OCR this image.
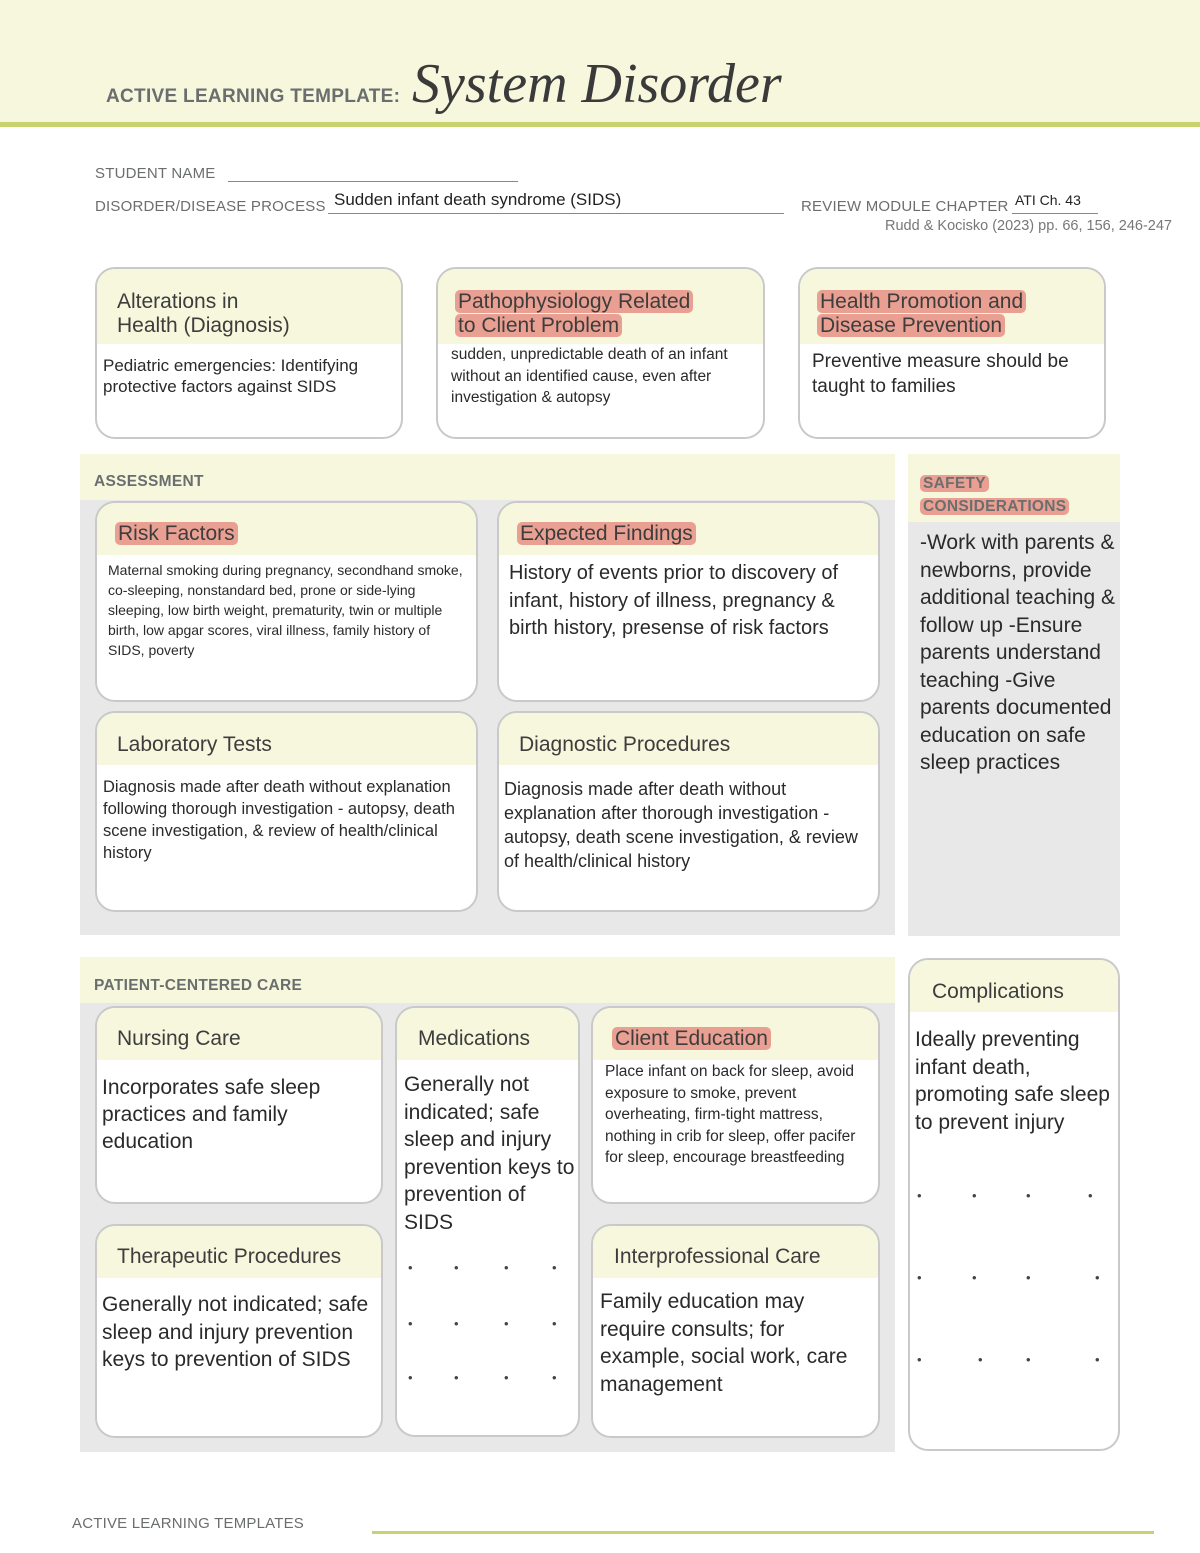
ACTIVE LEARNING TEMPLATE: System Disorder
STUDENT NAME
DISORDER/DISEASE PROCESS Sudden infant death syndrome (SIDS)	REVIEW MODULE CHAPTER ATI Ch. 43
Rudd & Kocisko (2023) pp. 66, 156, 246-247
Alterations in
Health (Diagnosis)
Pediatric emergencies: Identifying protective factors against SIDS
Pathophysiology Related
to Client Problem
sudden, unpredictable death of an infant without an identified cause, even after investigation & autopsy
Health Promotion and
Disease Prevention
Preventive measure should be taught to families
ASSESSMENT
Risk Factors
Maternal smoking during pregnancy, secondhand smoke, co-sleeping, nonstandard bed, prone or side-lying sleeping, low birth weight, prematurity, twin or multiple birth, low apgar scores, viral illness, family history of SIDS, poverty
Expected Findings
History of events prior to discovery of infant, history of illness, pregnancy & birth history, presense of risk factors
Laboratory Tests
Diagnosis made after death without explanation following thorough investigation - autopsy, death scene investigation, & review of health/clinical history
Diagnostic Procedures
Diagnosis made after death without explanation after thorough investigation - autopsy, death scene investigation, & review of health/clinical history
SAFETY
CONSIDERATIONS
-Work with parents & newborns, provide additional teaching & follow up -Ensure parents understand teaching -Give parents documented education on safe sleep practices
PATIENT-CENTERED CARE
Nursing Care
Incorporates safe sleep practices and family education
Medications
Generally not indicated; safe sleep and injury prevention keys to prevention of SIDS
•	•	•	•
•	•	•	•
•	•	•	•
Client Education
Place infant on back for sleep, avoid exposure to smoke, prevent overheating, firm-tight mattress, nothing in crib for sleep, offer pacifer for sleep, encourage breastfeeding
Therapeutic Procedures
Generally not indicated; safe sleep and injury prevention keys to prevention of SIDS
Interprofessional Care
Family education may require consults; for example, social work, care management
Complications
Ideally preventing infant death, promoting safe sleep to prevent injury
•	•	•	•
•	•	•	•
•	•	•	•
ACTIVE LEARNING TEMPLATES
